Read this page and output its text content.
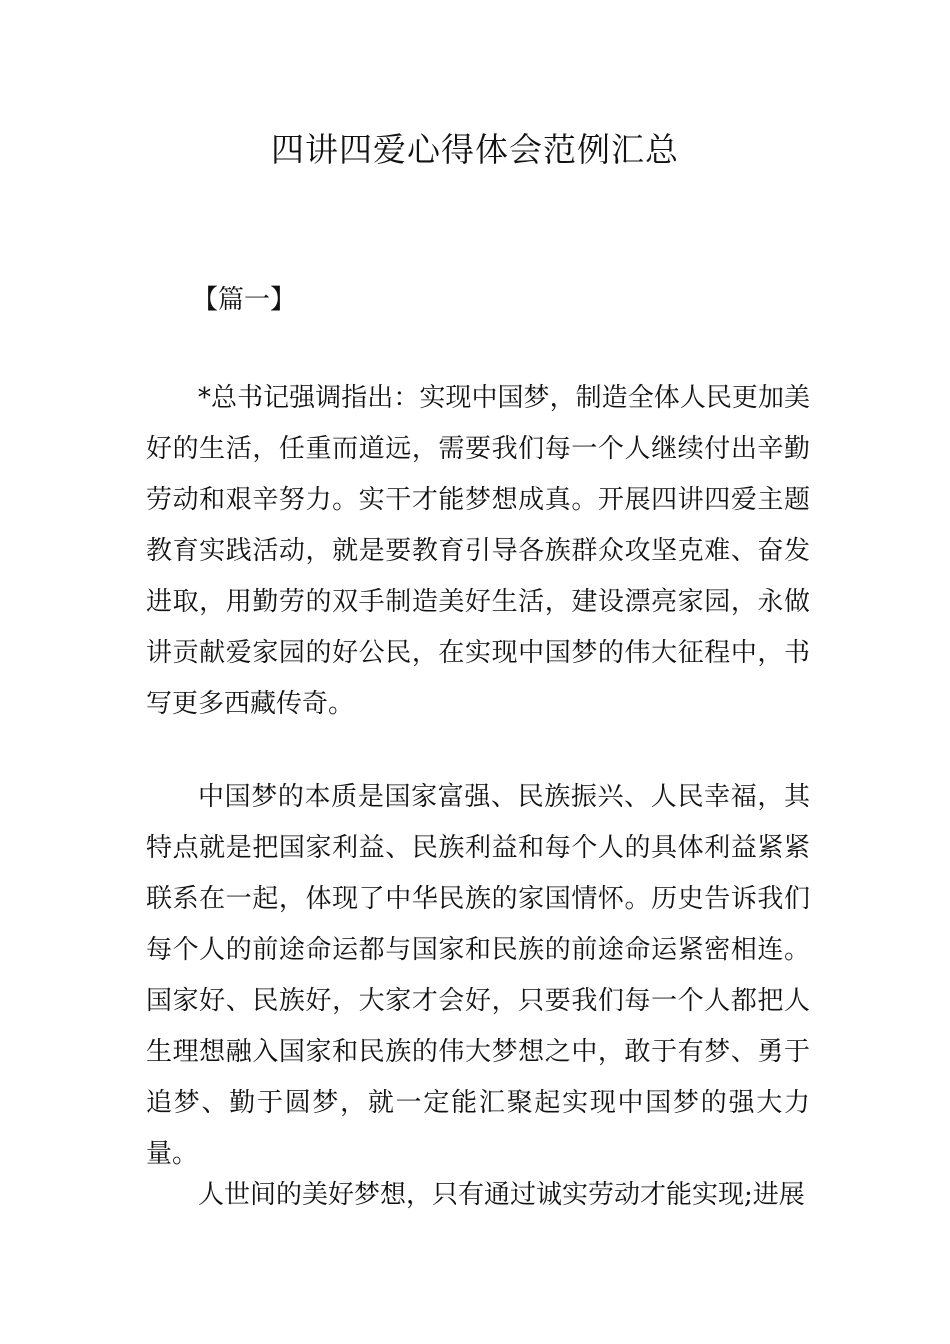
四讲四爱心得体会范例汇总

【篇一】

*总书记强调指出：实现中国梦，制造全体人民更加美好的生活，任重而道远，需要我们每一个人继续付出辛勤劳动和艰辛努力。实干才能梦想成真。开展四讲四爱主题教育实践活动，就是要教育引导各族群众攻坚克难、奋发进取，用勤劳的双手制造美好生活，建设漂亮家园，永做讲贡献爱家园的好公民，在实现中国梦的伟大征程中，书写更多西藏传奇。

中国梦的本质是国家富强、民族振兴、人民幸福，其特点就是把国家利益、民族利益和每个人的具体利益紧紧联系在一起，体现了中华民族的家国情怀。历史告诉我们每个人的前途命运都与国家和民族的前途命运紧密相连。国家好、民族好，大家才会好，只要我们每一个人都把人生理想融入国家和民族的伟大梦想之中，敢于有梦、勇于追梦、勤于圆梦，就一定能汇聚起实现中国梦的强大力量。

人世间的美好梦想，只有通过诚实劳动才能实现;进展
